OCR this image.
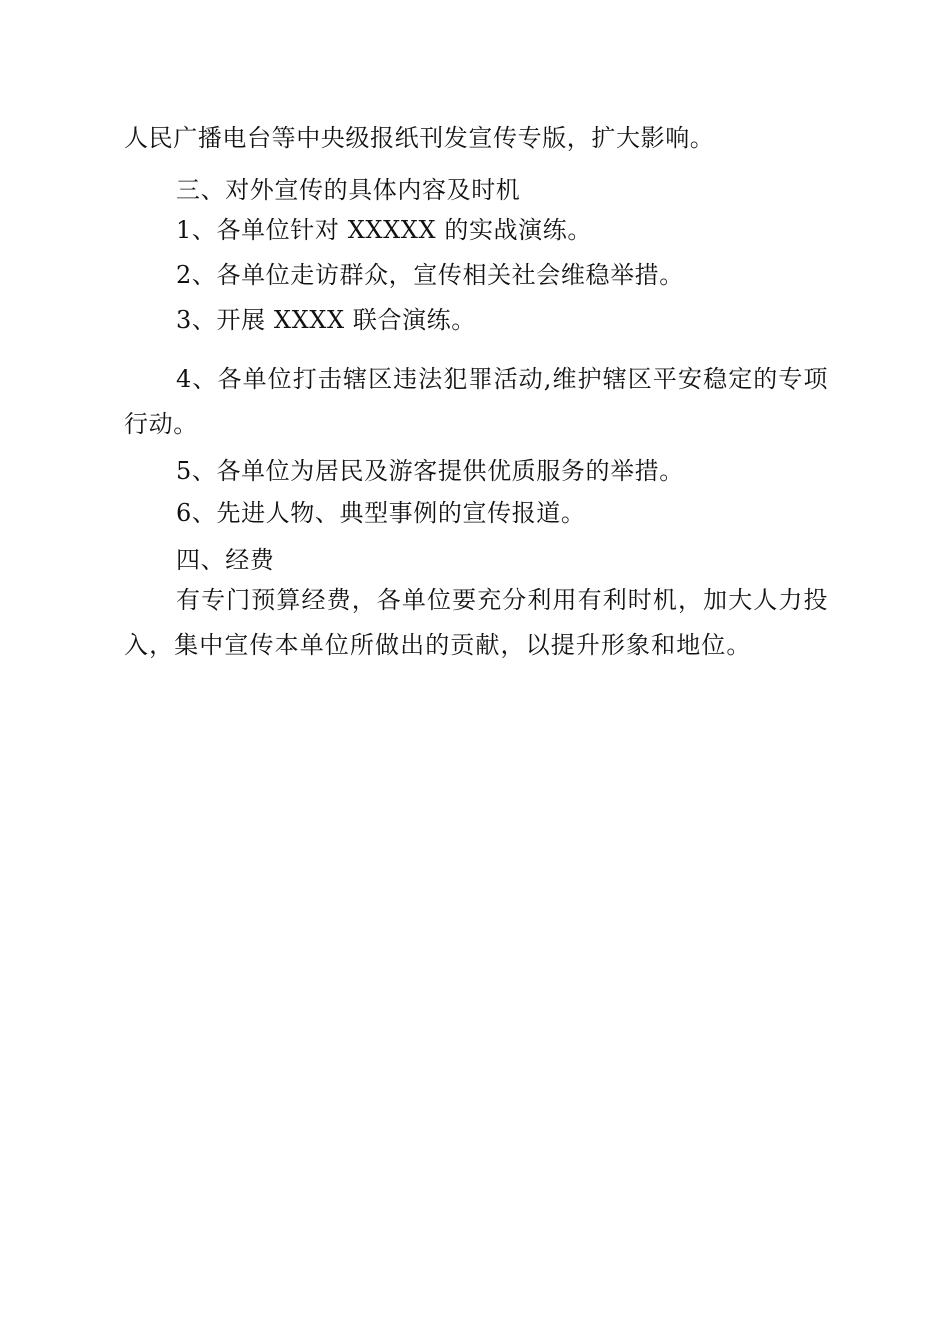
人民广播电台等中央级报纸刊发宣传专版，扩大影响。
三、对外宣传的具体内容及时机
1、各单位针对 XXXXX 的实战演练。
2、各单位走访群众，宣传相关社会维稳举措。
3、开展 XXXX 联合演练。
4、各单位打击辖区违法犯罪活动,维护辖区平安稳定的专项
行动。
5、各单位为居民及游客提供优质服务的举措。
6、先进人物、典型事例的宣传报道。
四、经费
有专门预算经费，各单位要充分利用有利时机，加大人力投
入，集中宣传本单位所做出的贡献，以提升形象和地位。
